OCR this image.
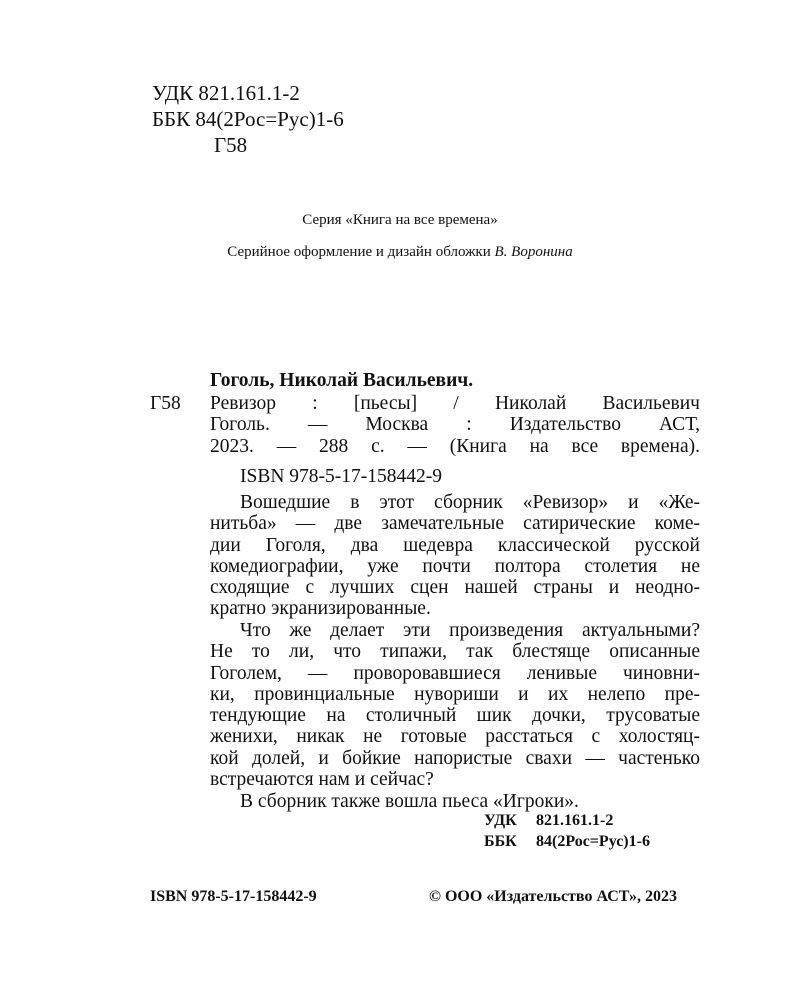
УДК 821.161.1-2
ББК 84(2Рос=Рус)1-6
Г58
Серия «Книга на все времена»
Серийное оформление и дизайн обложки В. Воронина
Гоголь, Николай Васильевич.
Г58 Ревизор : [пьесы] / Николай Васильевич
Гоголь. — Москва : Издательство АСТ,
2023. — 288 с. — (Книга на все времена).
ISBN 978-5-17-158442-9
Вошедшие в этот сборник «Ревизор» и «Же-
нитьба» — две замечательные сатирические коме-
дии Гоголя, два шедевра классической русской
комедиографии, уже почти полтора столетия не
сходящие с лучших сцен нашей страны и неодно-
кратно экранизированные.
Что же делает эти произведения актуальными?
Не то ли, что типажи, так блестяще описанные
Гоголем, — проворовавшиеся ленивые чиновни-
ки, провинциальные нувориши и их нелепо пре-
тендующие на столичный шик дочки, трусоватые
женихи, никак не готовые расстаться с холостяц-
кой долей, и бойкие напористые свахи — частенько
встречаются нам и сейчас?
В сборник также вошла пьеса «Игроки».
УДК 821.161.1-2
ББК 84(2Рос=Рус)1-6
ISBN 978-5-17-158442-9	© ООО «Издательство АСТ», 2023
